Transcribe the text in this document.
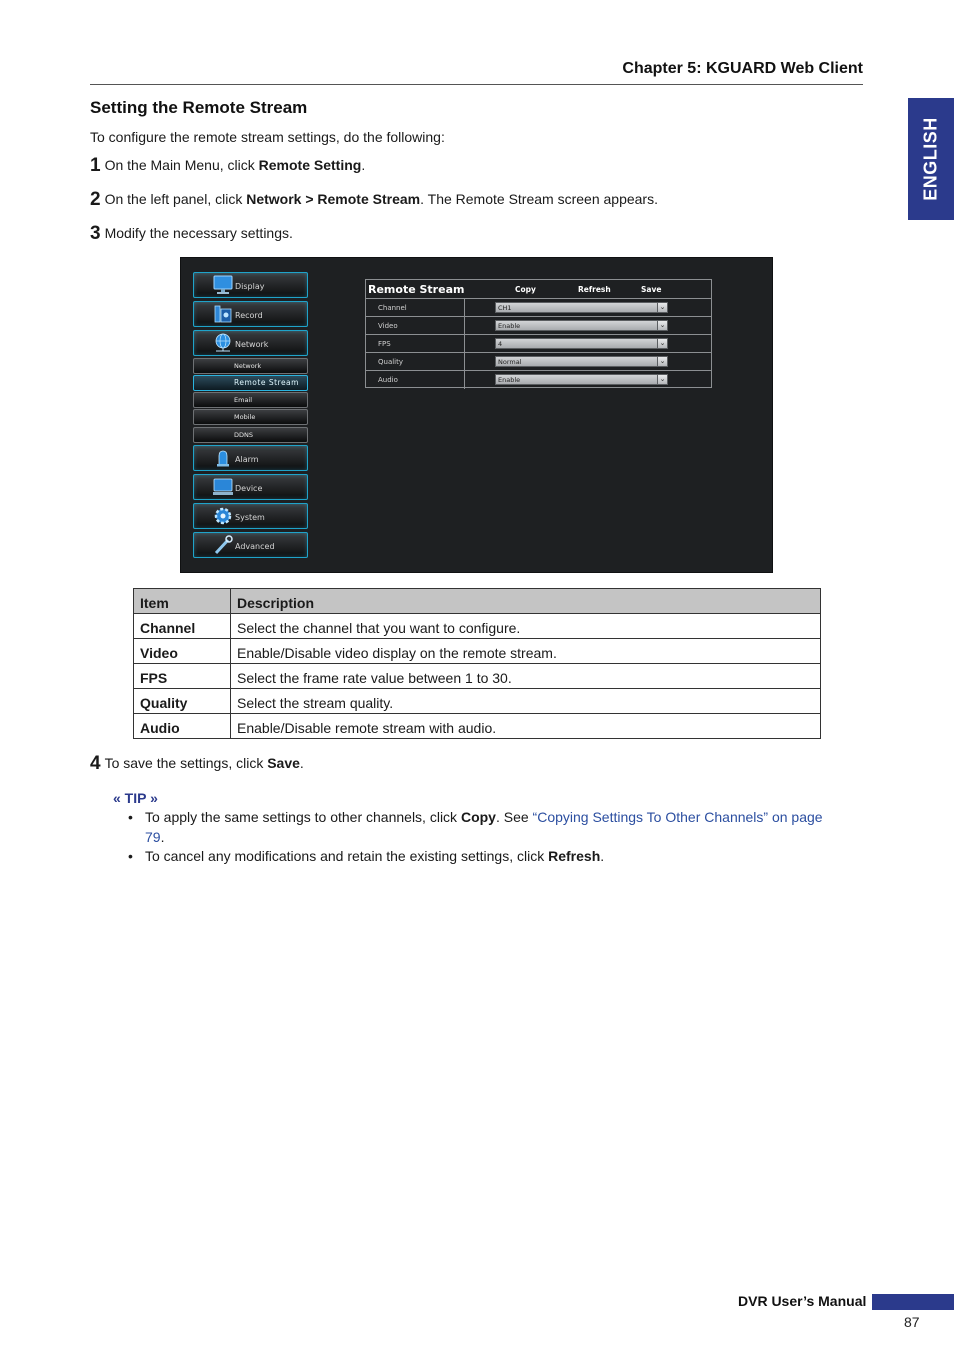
Chapter 5: KGUARD Web Client
ENGLISH
Setting the Remote Stream
To configure the remote stream settings, do the following:
1 On the Main Menu, click Remote Setting.
2 On the left panel, click Network > Remote Stream. The Remote Stream screen appears.
3 Modify the necessary settings.
Display
Record
Network
Network
Remote Stream
Email
Mobile
DDNS
Alarm
Device
System
Advanced
Remote Stream	Copy	Refresh	Save
Channel	CH1	⌄
Video	Enable	⌄
FPS	4	⌄
Quality	Normal	⌄
Audio	Enable	⌄
Item	Description
Channel	Select the channel that you want to configure.
Video	Enable/Disable video display on the remote stream.
FPS	Select the frame rate value between 1 to 30.
Quality	Select the stream quality.
Audio	Enable/Disable remote stream with audio.
4 To save the settings, click Save.
« TIP »
• To apply the same settings to other channels, click Copy. See “Copying Settings To Other Channels” on page 79.
• To cancel any modifications and retain the existing settings, click Refresh.
DVR User’s Manual
87
